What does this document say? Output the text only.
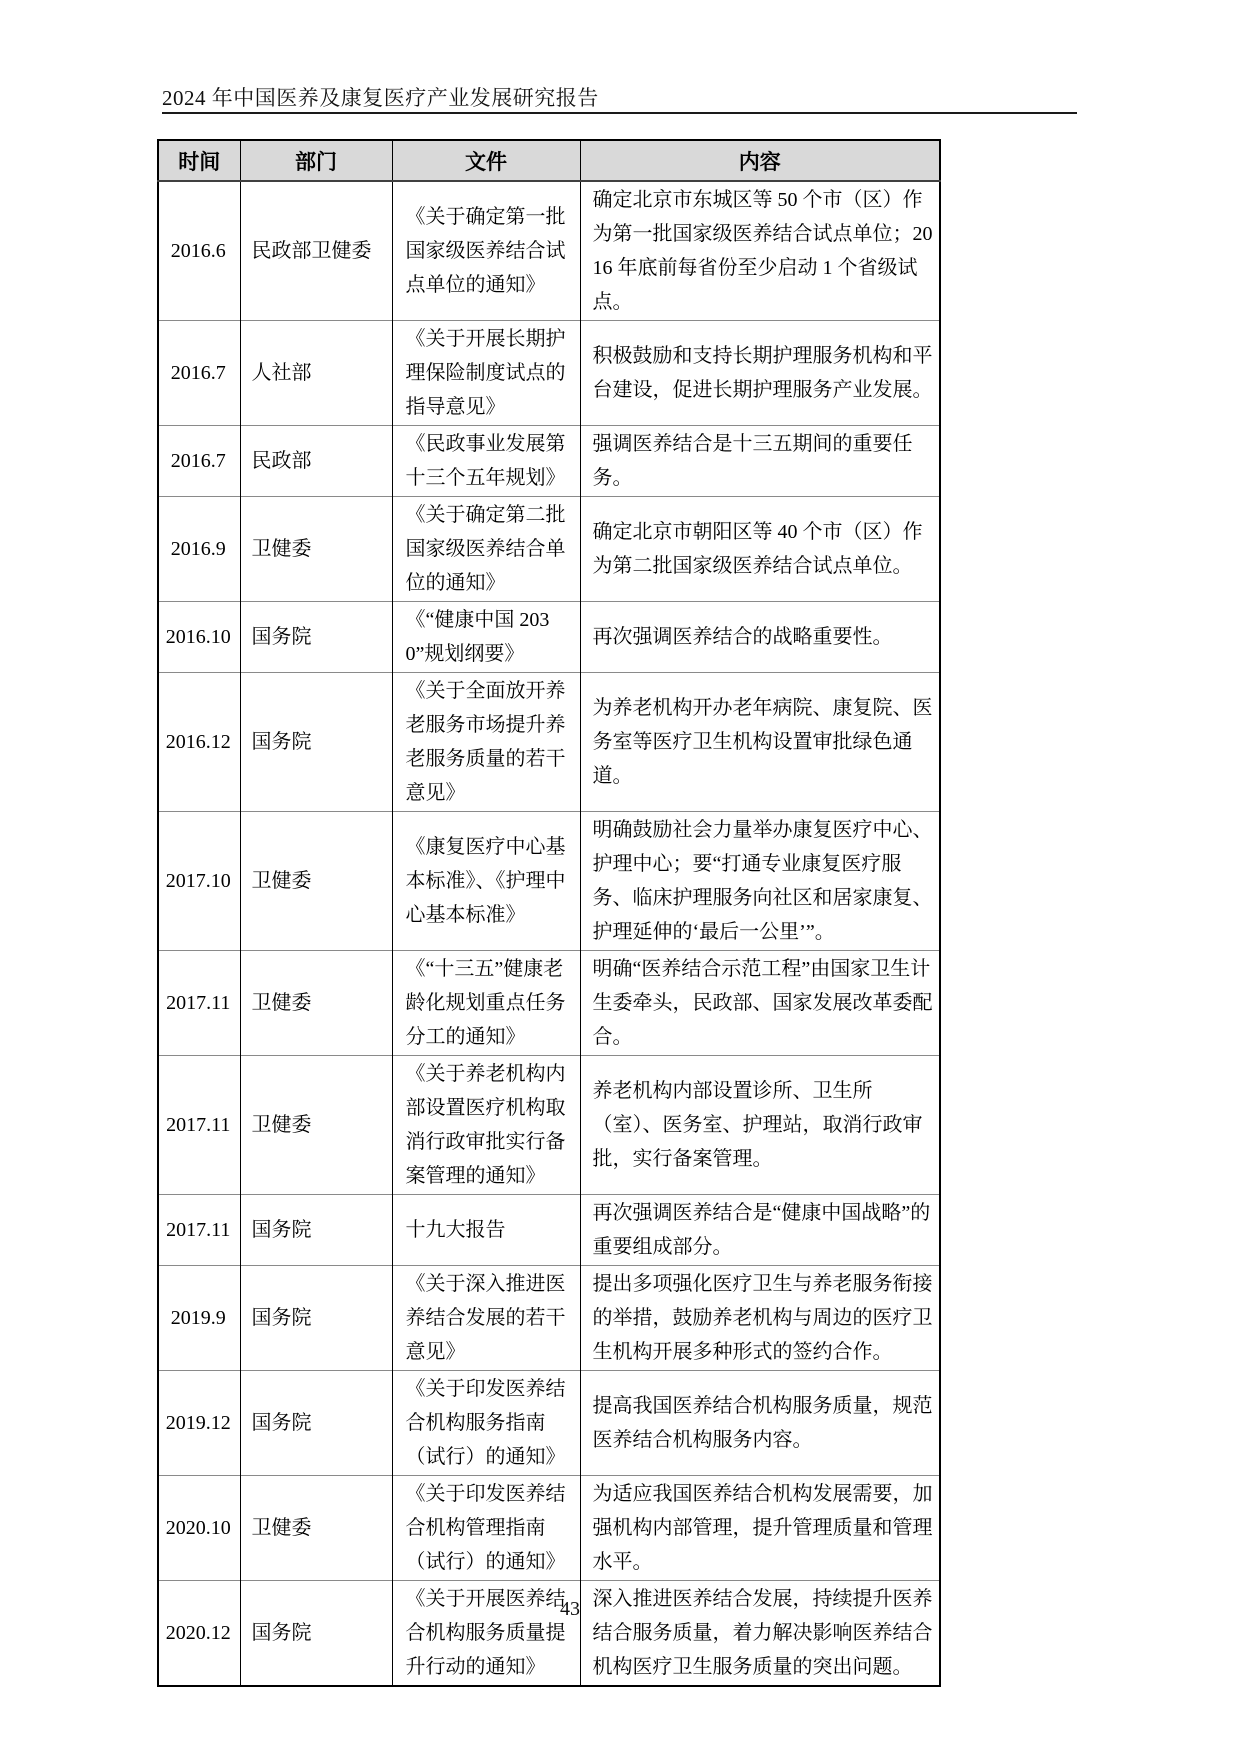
2024 年中国医养及康复医疗产业发展研究报告
时间	部门	文件	内容
2016.6	民政部卫健委	《关于确定第一批国家级医养结合试点单位的通知》	确定北京市东城区等 50 个市（区）作为第一批国家级医养结合试点单位；2016 年底前每省份至少启动 1 个省级试点。
2016.7	人社部	《关于开展长期护理保险制度试点的指导意见》	积极鼓励和支持长期护理服务机构和平台建设，促进长期护理服务产业发展。
2016.7	民政部	《民政事业发展第十三个五年规划》	强调医养结合是十三五期间的重要任务。
2016.9	卫健委	《关于确定第二批国家级医养结合单位的通知》	确定北京市朝阳区等 40 个市（区）作为第二批国家级医养结合试点单位。
2016.10	国务院	《“健康中国 2030”规划纲要》	再次强调医养结合的战略重要性。
2016.12	国务院	《关于全面放开养老服务市场提升养老服务质量的若干意见》	为养老机构开办老年病院、康复院、医务室等医疗卫生机构设置审批绿色通道。
2017.10	卫健委	《康复医疗中心基本标准》、《护理中心基本标准》	明确鼓励社会力量举办康复医疗中心、护理中心；要“打通专业康复医疗服务、临床护理服务向社区和居家康复、护理延伸的‘最后一公里’”。
2017.11	卫健委	《“十三五”健康老龄化规划重点任务分工的通知》	明确“医养结合示范工程”由国家卫生计生委牵头，民政部、国家发展改革委配合。
2017.11	卫健委	《关于养老机构内部设置医疗机构取消行政审批实行备案管理的通知》	养老机构内部设置诊所、卫生所（室）、医务室、护理站，取消行政审批，实行备案管理。
2017.11	国务院	十九大报告	再次强调医养结合是“健康中国战略”的重要组成部分。
2019.9	国务院	《关于深入推进医养结合发展的若干意见》	提出多项强化医疗卫生与养老服务衔接的举措，鼓励养老机构与周边的医疗卫生机构开展多种形式的签约合作。
2019.12	国务院	《关于印发医养结合机构服务指南（试行）的通知》	提高我国医养结合机构服务质量，规范医养结合机构服务内容。
2020.10	卫健委	《关于印发医养结合机构管理指南（试行）的通知》	为适应我国医养结合机构发展需要，加强机构内部管理，提升管理质量和管理水平。
2020.12	国务院	《关于开展医养结合机构服务质量提升行动的通知》	深入推进医养结合发展，持续提升医养结合服务质量，着力解决影响医养结合机构医疗卫生服务质量的突出问题。
43
